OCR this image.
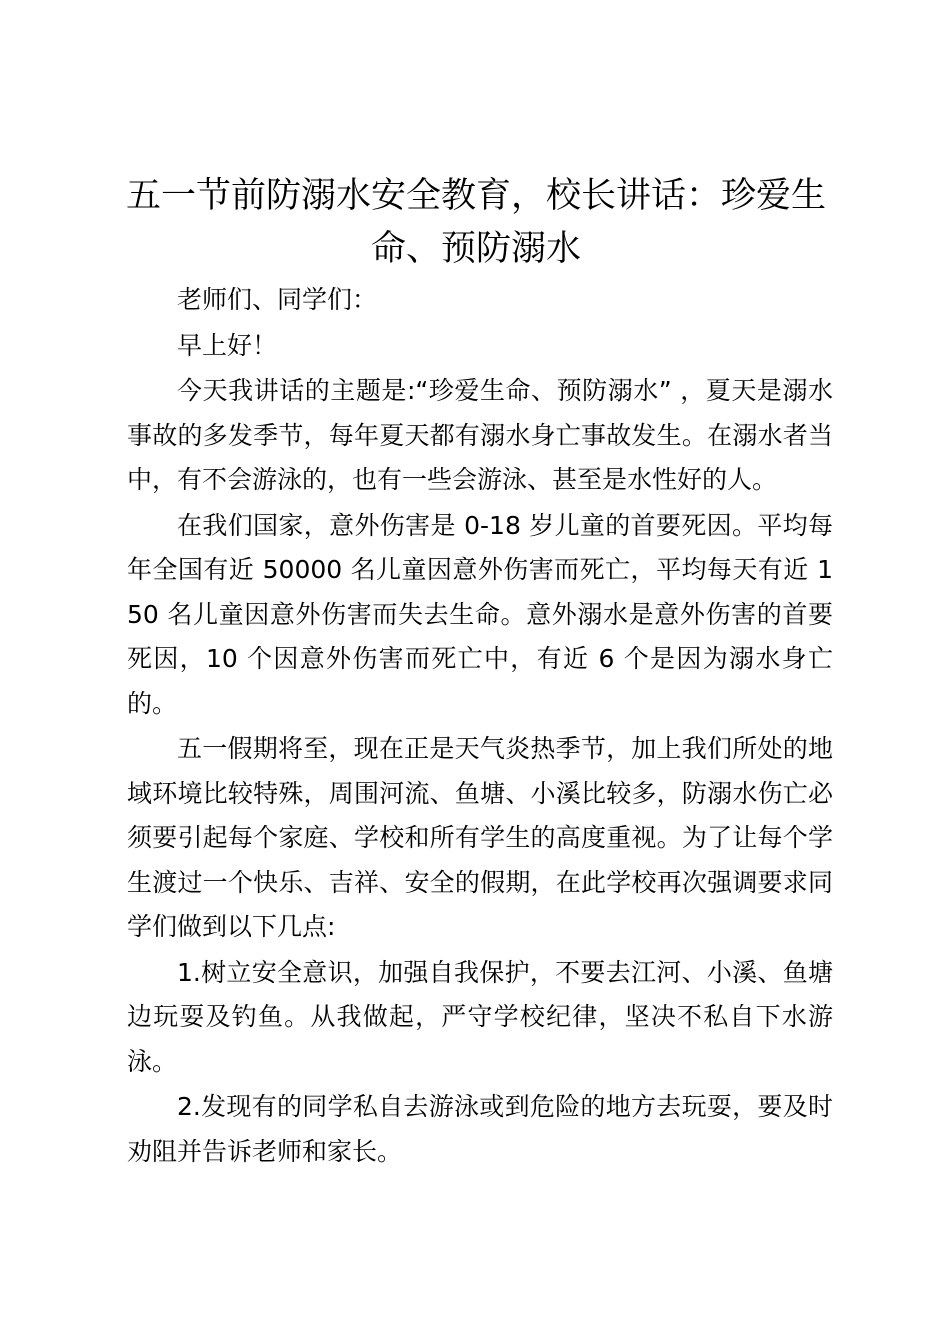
五一节前防溺水安全教育，校长讲话：珍爱生命、预防溺水

老师们、同学们：

早上好！

今天我讲话的主题是:“珍爱生命、预防溺水” ，夏天是溺水事故的多发季节，每年夏天都有溺水身亡事故发生。在溺水者当中，有不会游泳的，也有一些会游泳、甚至是水性好的人。

在我们国家，意外伤害是 0-18 岁儿童的首要死因。平均每年全国有近 50000 名儿童因意外伤害而死亡，平均每天有近 150 名儿童因意外伤害而失去生命。意外溺水是意外伤害的首要死因，10 个因意外伤害而死亡中，有近 6 个是因为溺水身亡的。

五一假期将至，现在正是天气炎热季节，加上我们所处的地域环境比较特殊，周围河流、鱼塘、小溪比较多，防溺水伤亡必须要引起每个家庭、学校和所有学生的高度重视。为了让每个学生渡过一个快乐、吉祥、安全的假期，在此学校再次强调要求同学们做到以下几点:

1.树立安全意识，加强自我保护，不要去江河、小溪、鱼塘边玩耍及钓鱼。从我做起，严守学校纪律，坚决不私自下水游泳。

2.发现有的同学私自去游泳或到危险的地方去玩耍，要及时劝阻并告诉老师和家长。
